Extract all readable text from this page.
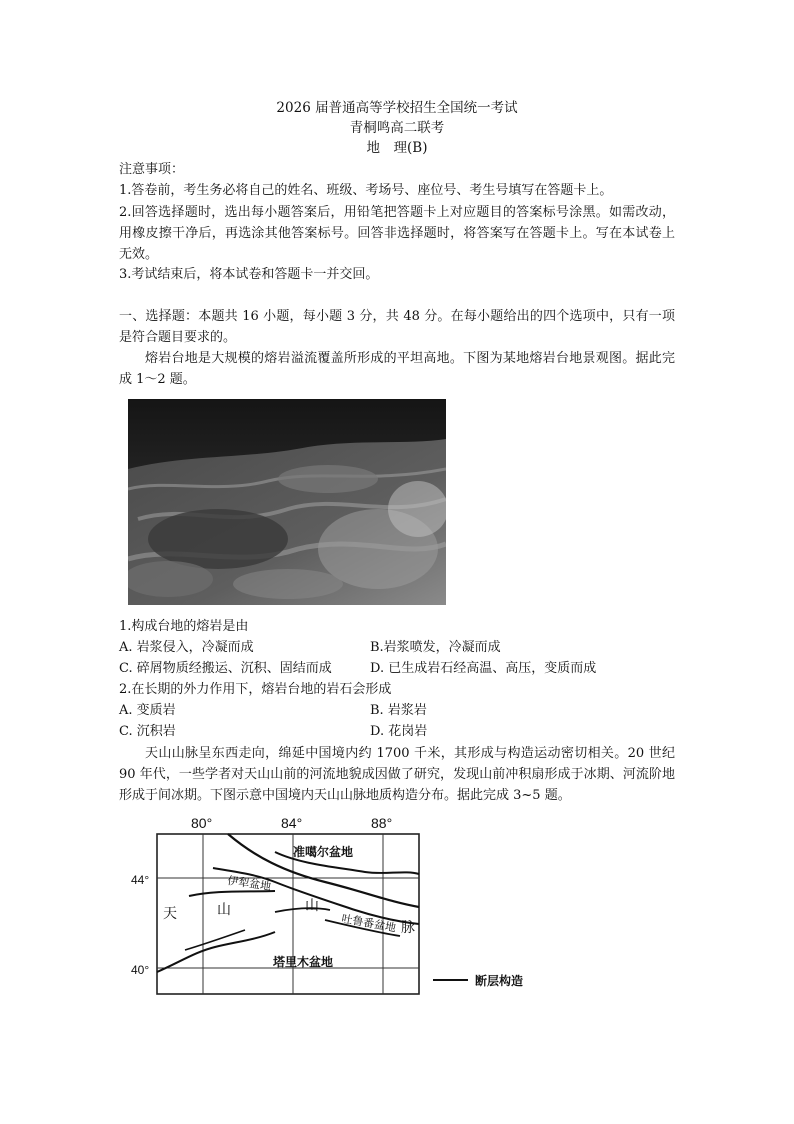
2026 届普通高等学校招生全国统一考试
青桐鸣高二联考
地　理(B)
注意事项：
1.答卷前，考生务必将自己的姓名、班级、考场号、座位号、考生号填写在答题卡上。
2.回答选择题时，选出每小题答案后，用铅笔把答题卡上对应题目的答案标号涂黑。如需改动，用橡皮擦干净后，再选涂其他答案标号。回答非选择题时，将答案写在答题卡上。写在本试卷上无效。
3.考试结束后，将本试卷和答题卡一并交回。
一、选择题：本题共 16 小题，每小题 3 分，共 48 分。在每小题给出的四个选项中，只有一项是符合题目要求的。
熔岩台地是大规模的熔岩溢流覆盖所形成的平坦高地。下图为某地熔岩台地景观图。据此完成 1～2 题。
1.构成台地的熔岩是由
A. 岩浆侵入，冷凝而成	B.岩浆喷发，冷凝而成
C. 碎屑物质经搬运、沉积、固结而成	D. 已生成岩石经高温、高压，变质而成
2.在长期的外力作用下，熔岩台地的岩石会形成
A. 变质岩	B. 岩浆岩
C. 沉积岩	D. 花岗岩
天山山脉呈东西走向，绵延中国境内约 1700 千米，其形成与构造运动密切相关。20 世纪 90 年代，一些学者对天山山前的河流地貌成因做了研究，发现山前冲积扇形成于冰期、河流阶地形成于间冰期。下图示意中国境内天山山脉地质构造分布。据此完成 3~5 题。
80°	84°	88°
44°
40°
准噶尔盆地
伊犁盆地
天	山	山
吐鲁番盆地 脉
塔里木盆地
断层构造
